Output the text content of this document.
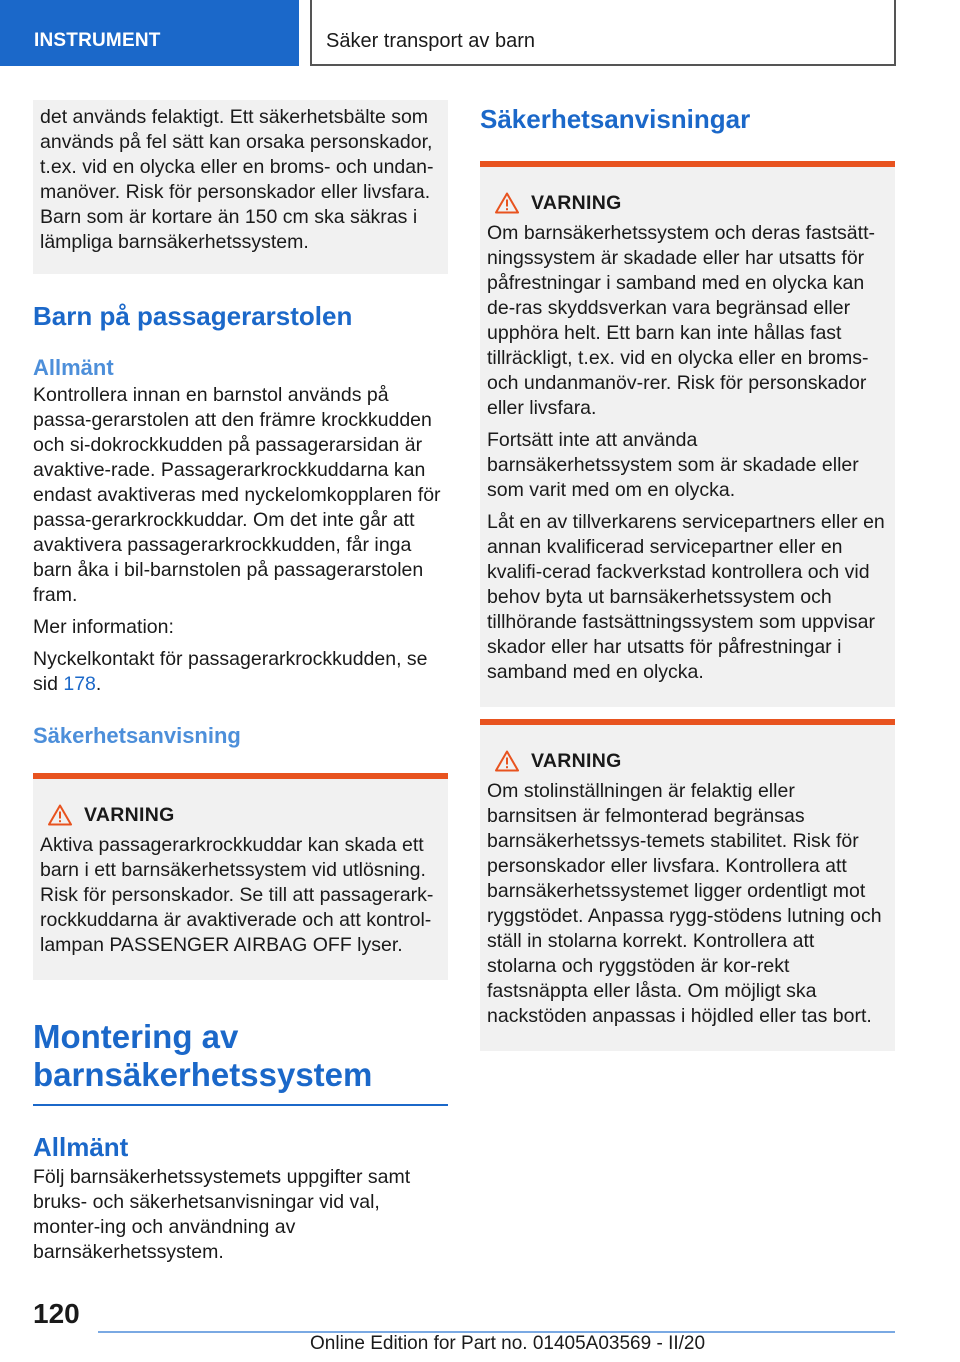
INSTRUMENT	Säker transport av barn

det används felaktigt. Ett säkerhetsbälte som används på fel sätt kan orsaka personskador, t.ex. vid en olycka eller en broms- och undan-manöver. Risk för personskador eller livsfara. Barn som är kortare än 150 cm ska säkras i lämpliga barnsäkerhetssystem.

Barn på passagerarstolen
Allmänt

Kontrollera innan en barnstol används på passa-gerarstolen att den främre krockkudden och si-dokrockkudden på passagerarsidan är avaktive-rade. Passagerarkrockkuddarna kan endast avaktiveras med nyckelomkopplaren för passa-gerarkrockkuddar. Om det inte går att avaktivera passagerarkrockkudden, får inga barn åka i bil-barnstolen på passagerarstolen fram.

Mer information:

Nyckelkontakt för passagerarkrockkudden, se sid 178.

Säkerhetsanvisning
VARNING

Aktiva passagerarkrockkuddar kan skada ett barn i ett barnsäkerhetssystem vid utlösning. Risk för personskador. Se till att passagerark-rockkuddarna är avaktiverade och att kontrol-lampan PASSENGER AIRBAG OFF lyser.

Montering av barnsäkerhetssystem
Allmänt

Följ barnsäkerhetssystemets uppgifter samt bruks- och säkerhetsanvisningar vid val, monter-ing och användning av barnsäkerhetssystem.

Säkerhetsanvisningar
VARNING

Om barnsäkerhetssystem och deras fastsätt-ningssystem är skadade eller har utsatts för påfrestningar i samband med en olycka kan de-ras skyddsverkan vara begränsad eller upphöra helt. Ett barn kan inte hållas fast tillräckligt, t.ex. vid en olycka eller en broms- och undanmanöv-rer. Risk för personskador eller livsfara.

Fortsätt inte att använda barnsäkerhetssystem som är skadade eller som varit med om en olycka.

Låt en av tillverkarens servicepartners eller en annan kvalificerad servicepartner eller en kvalifi-cerad fackverkstad kontrollera och vid behov byta ut barnsäkerhetssystem och tillhörande fastsättningssystem som uppvisar skador eller har utsatts för påfrestningar i samband med en olycka.

VARNING

Om stolinställningen är felaktig eller barnsitsen är felmonterad begränsas barnsäkerhetssys-temets stabilitet. Risk för personskador eller livsfara. Kontrollera att barnsäkerhetssystemet ligger ordentligt mot ryggstödet. Anpassa rygg-stödens lutning och ställ in stolarna korrekt. Kontrollera att stolarna och ryggstöden är kor-rekt fastsnäppta eller låsta. Om möjligt ska nackstöden anpassas i höjdled eller tas bort.

120
Online Edition for Part no. 01405A03569 - II/20
